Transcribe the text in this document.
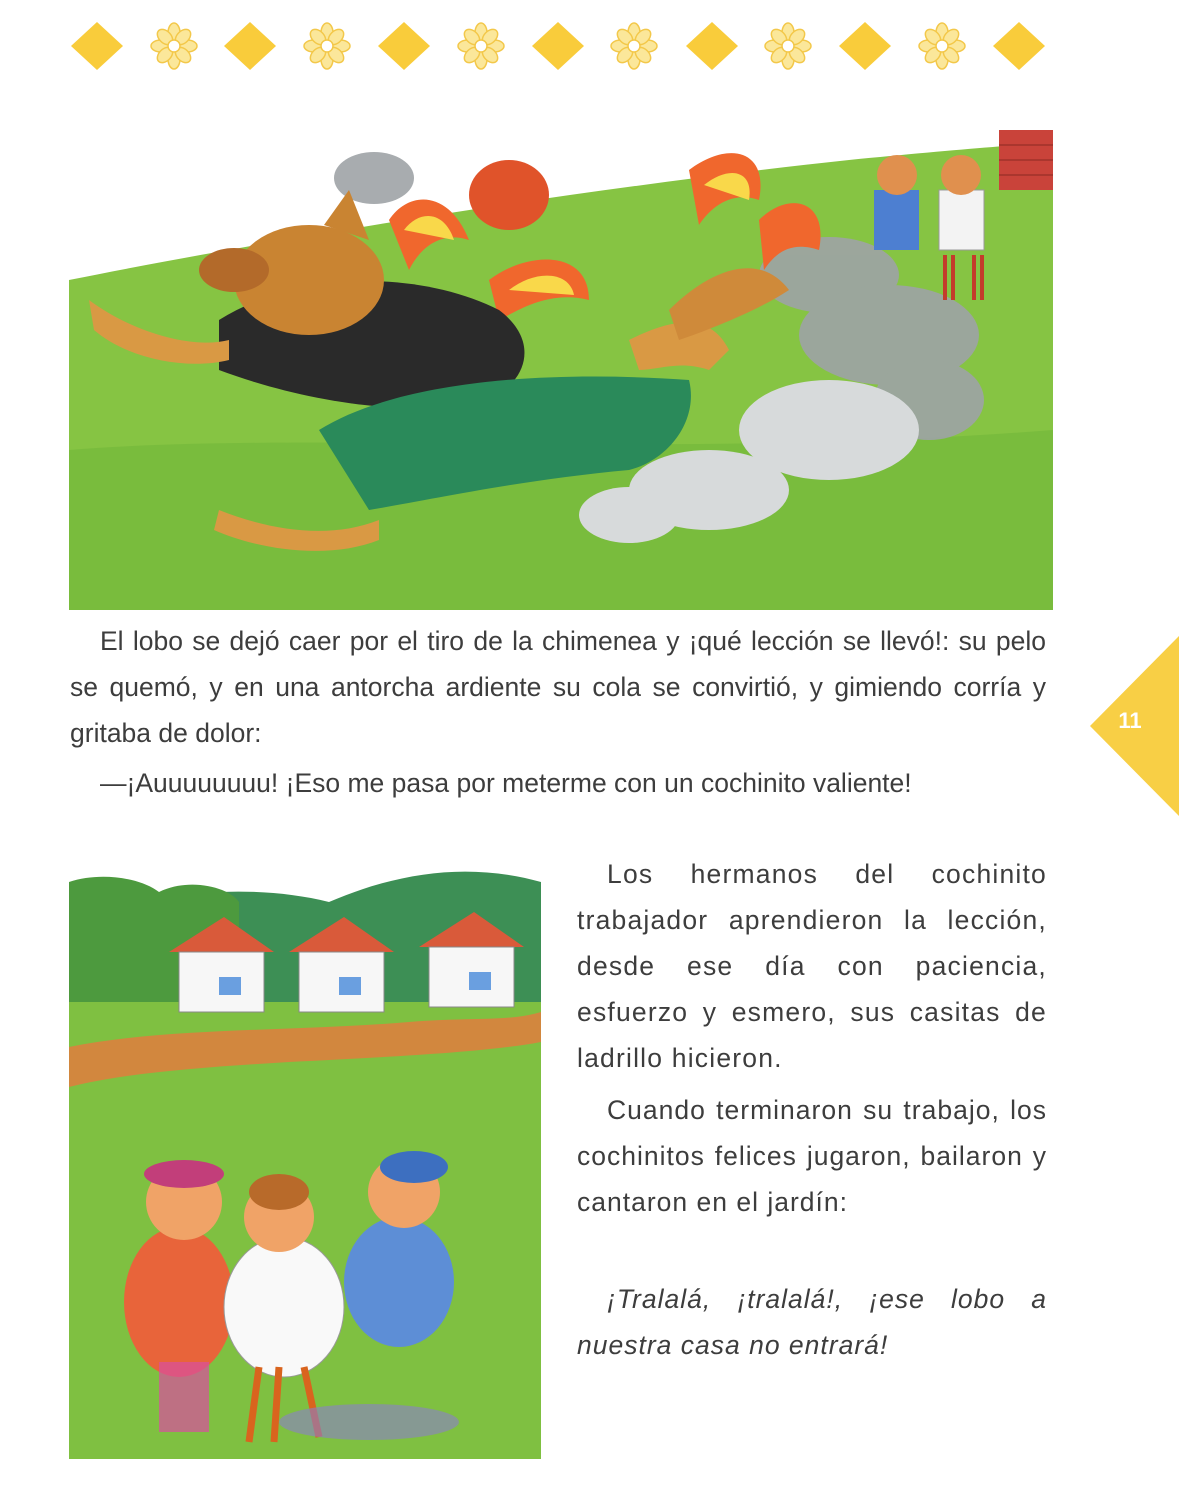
El lobo se dejó caer por el tiro de la chimenea y ¡qué lección se llevó!: su pelo se quemó, y en una antorcha ardiente su cola se convirtió, y gimiendo corría y gritaba de dolor:

—¡Auuuuuuuu! ¡Eso me pasa por meterme con un cochinito valiente!

11

Los hermanos del cochinito trabajador aprendieron la lección, desde ese día con paciencia, esfuerzo y esmero, sus casitas de ladrillo hicieron.

Cuando terminaron su trabajo, los cochinitos felices jugaron, bailaron y cantaron en el jardín:

¡Tralalá, ¡tralalá!, ¡ese lobo a nuestra casa no entrará!
